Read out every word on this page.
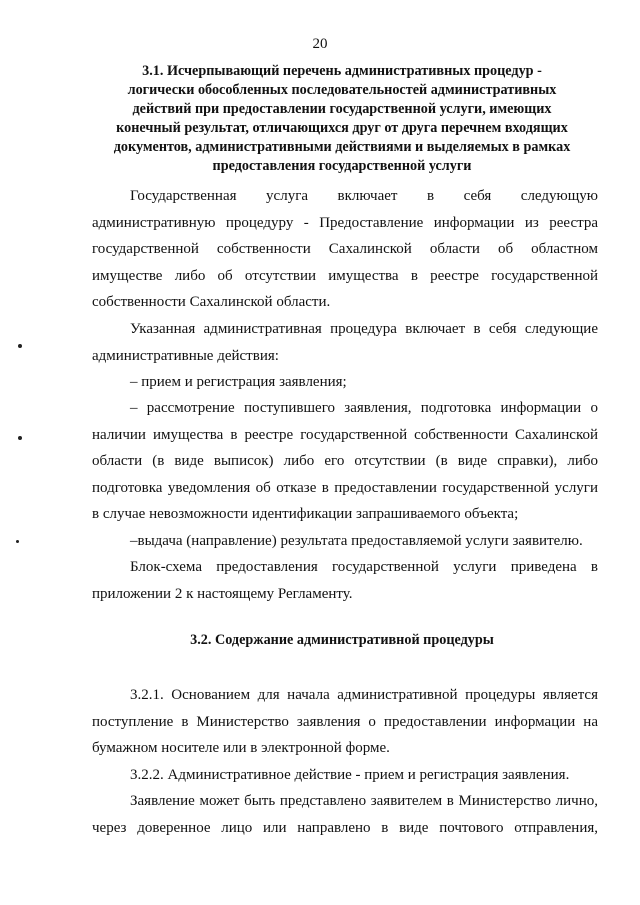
20
3.1. Исчерпывающий перечень административных процедур -
логически обособленных последовательностей административных
действий при предоставлении государственной услуги, имеющих
конечный результат, отличающихся друг от друга перечнем входящих
документов, административными действиями и выделяемых в рамках
предоставления государственной услуги
Государственная услуга включает в себя следующую
административную процедуру - Предоставление информации из реестра
государственной собственности Сахалинской области об областном
имуществе либо об отсутствии имущества в реестре государственной
собственности Сахалинской области.
Указанная административная процедура включает в себя следующие
административные действия:
– прием и регистрация заявления;
– рассмотрение поступившего заявления, подготовка информации о
наличии имущества в реестре государственной собственности Сахалинской
области (в виде выписок) либо его отсутствии (в виде справки), либо
подготовка уведомления об отказе в предоставлении государственной услуги
в случае невозможности идентификации запрашиваемого объекта;
–выдача (направление) результата предоставляемой услуги заявителю.
Блок-схема предоставления государственной услуги приведена в
приложении 2 к настоящему Регламенту.
3.2. Содержание административной процедуры
3.2.1. Основанием для начала административной процедуры является
поступление в Министерство заявления о предоставлении информации на
бумажном носителе или в электронной форме.
3.2.2. Административное действие - прием и регистрация заявления.
Заявление может быть представлено заявителем в Министерство лично,
через доверенное лицо или направлено в виде почтового отправления,
